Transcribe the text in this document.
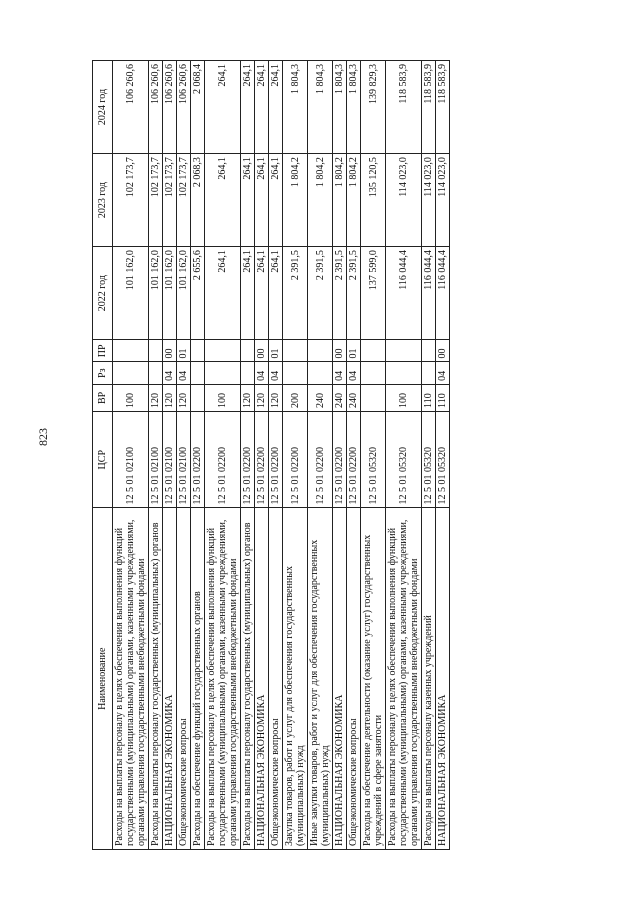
823
Наименование	ЦСР	ВР	Рз	ПР	2022 год	2023 год	2024 год
Расходы на выплаты персоналу в целях обеспечения выполнения функций государственными (муниципальными) органами, казенными учреждениями, органами управления государственными внебюджетными фондами	12 5 01 02100	100			101 162,0	102 173,7	106 260,6
Расходы на выплаты персоналу государственных (муниципальных) органов	12 5 01 02100	120			101 162,0	102 173,7	106 260,6
НАЦИОНАЛЬНАЯ ЭКОНОМИКА	12 5 01 02100	120	04	00	101 162,0	102 173,7	106 260,6
Общеэкономические вопросы	12 5 01 02100	120	04	01	101 162,0	102 173,7	106 260,6
Расходы на обеспечение функций государственных органов	12 5 01 02200				2 655,6	2 068,3	2 068,4
Расходы на выплаты персоналу в целях обеспечения выполнения функций государственными (муниципальными) органами, казенными учреждениями, органами управления государственными внебюджетными фондами	12 5 01 02200	100			264,1	264,1	264,1
Расходы на выплаты персоналу государственных (муниципальных) органов	12 5 01 02200	120			264,1	264,1	264,1
НАЦИОНАЛЬНАЯ ЭКОНОМИКА	12 5 01 02200	120	04	00	264,1	264,1	264,1
Общеэкономические вопросы	12 5 01 02200	120	04	01	264,1	264,1	264,1
Закупка товаров, работ и услуг для обеспечения государственных (муниципальных) нужд	12 5 01 02200	200			2 391,5	1 804,2	1 804,3
Иные закупки товаров, работ и услуг для обеспечения государственных (муниципальных) нужд	12 5 01 02200	240			2 391,5	1 804,2	1 804,3
НАЦИОНАЛЬНАЯ ЭКОНОМИКА	12 5 01 02200	240	04	00	2 391,5	1 804,2	1 804,3
Общеэкономические вопросы	12 5 01 02200	240	04	01	2 391,5	1 804,2	1 804,3
Расходы на обеспечение деятельности (оказание услуг) государственных учреждений в сфере занятости	12 5 01 05320				137 599,0	135 120,5	139 829,3
Расходы на выплаты персоналу в целях обеспечения выполнения функций государственными (муниципальными) органами, казенными учреждениями, органами управления государственными внебюджетными фондами	12 5 01 05320	100			116 044,4	114 023,0	118 583,9
Расходы на выплаты персоналу казенных учреждений	12 5 01 05320	110			116 044,4	114 023,0	118 583,9
НАЦИОНАЛЬНАЯ ЭКОНОМИКА	12 5 01 05320	110	04	00	116 044,4	114 023,0	118 583,9
